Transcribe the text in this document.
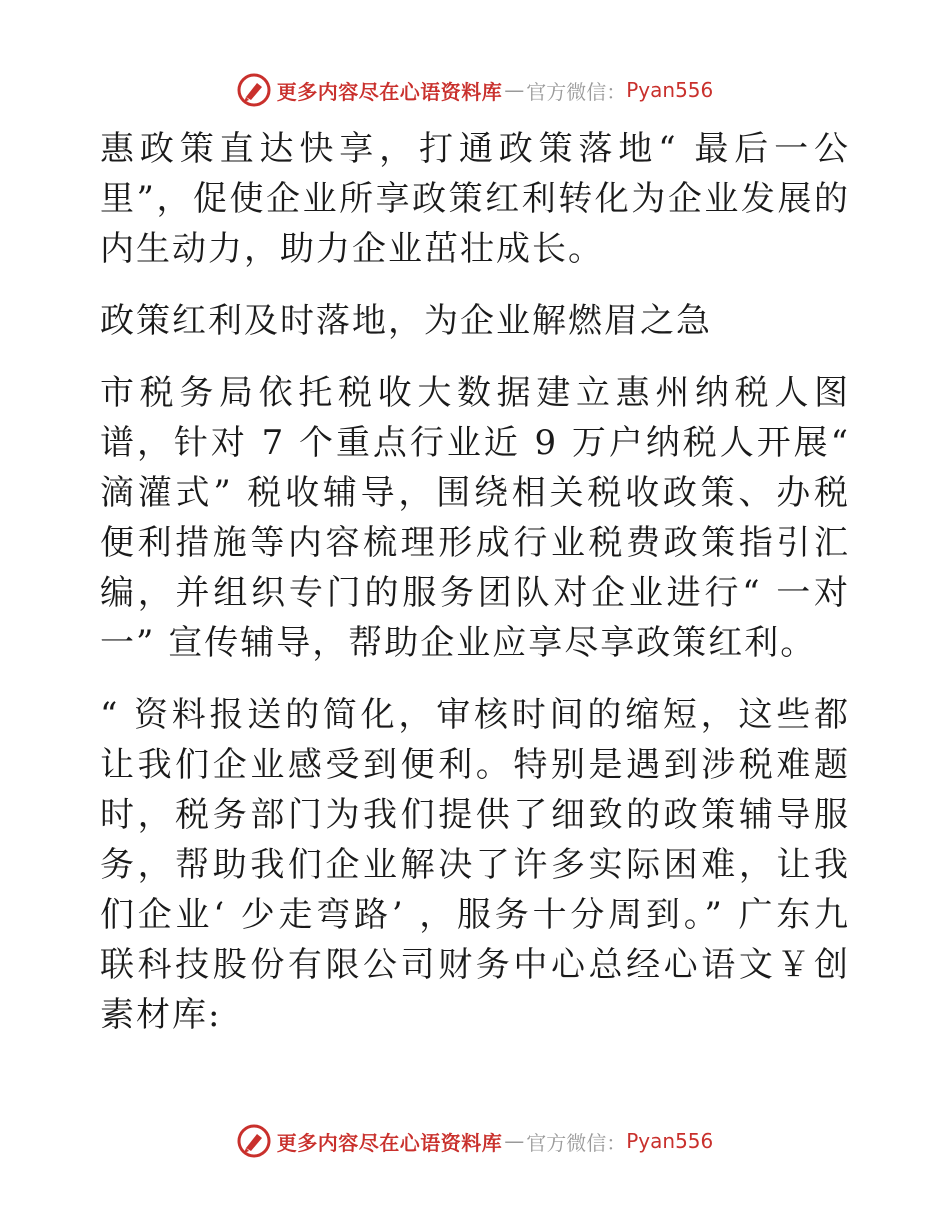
更多内容尽在心语资料库 — 官方微信： Pyan556

惠政策直达快享，打通政策落地“ 最后一公里”，促使企业所享政策红利转化为企业发展的内生动力，助力企业茁壮成长。

政策红利及时落地，为企业解燃眉之急

市税务局依托税收大数据建立惠州纳税人图谱，针对 7 个重点行业近 9 万户纳税人开展“ 滴灌式” 税收辅导，围绕相关税收政策、办税便利措施等内容梳理形成行业税费政策指引汇编，并组织专门的服务团队对企业进行“ 一对一” 宣传辅导，帮助企业应享尽享政策红利。

“ 资料报送的简化，审核时间的缩短，这些都让我们企业感受到便利。特别是遇到涉税难题时，税务部门为我们提供了细致的政策辅导服务，帮助我们企业解决了许多实际困难，让我们企业‘ 少走弯路’ ，服务十分周到。” 广东九联科技股份有限公司财务中心总经心语文￥创素材库:

更多内容尽在心语资料库 — 官方微信： Pyan556
